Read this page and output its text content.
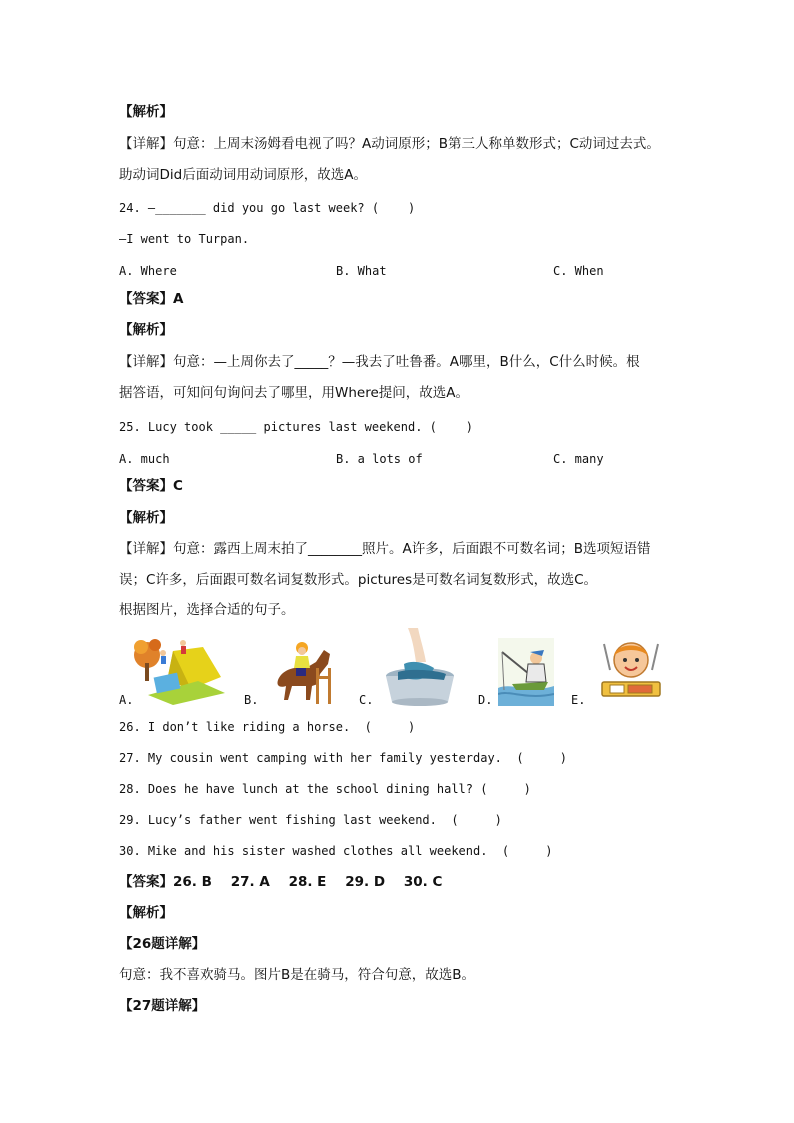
【解析】
【详解】句意：上周末汤姆看电视了吗？A动词原形；B第三人称单数形式；C动词过去式。
助动词Did后面动词用动词原形，故选A。
24. —_______ did you go last week? (    )
—I went to Turpan.
A. Where	B. What	C. When
【答案】A
【解析】
【详解】句意：—上周你去了_____？—我去了吐鲁番。A哪里，B什么，C什么时候。根
据答语，可知问句询问去了哪里，用Where提问，故选A。
25. Lucy took _____ pictures last weekend. (    )
A. much	B. a lots of	C. many
【答案】C
【解析】
【详解】句意：露西上周末拍了________照片。A许多，后面跟不可数名词；B选项短语错
误；C许多，后面跟可数名词复数形式。pictures是可数名词复数形式，故选C。
根据图片，选择合适的句子。
A.	B.	C.	D.	E.
26. I don’t like riding a horse.  (     )
27. My cousin went camping with her family yesterday.  (     )
28. Does he have lunch at the school dining hall? (     )
29. Lucy’s father went fishing last weekend.  (     )
30. Mike and his sister washed clothes all weekend.  (     )
【答案】26. B    27. A    28. E    29. D    30. C
【解析】
【26题详解】
句意：我不喜欢骑马。图片B是在骑马，符合句意，故选B。
【27题详解】
